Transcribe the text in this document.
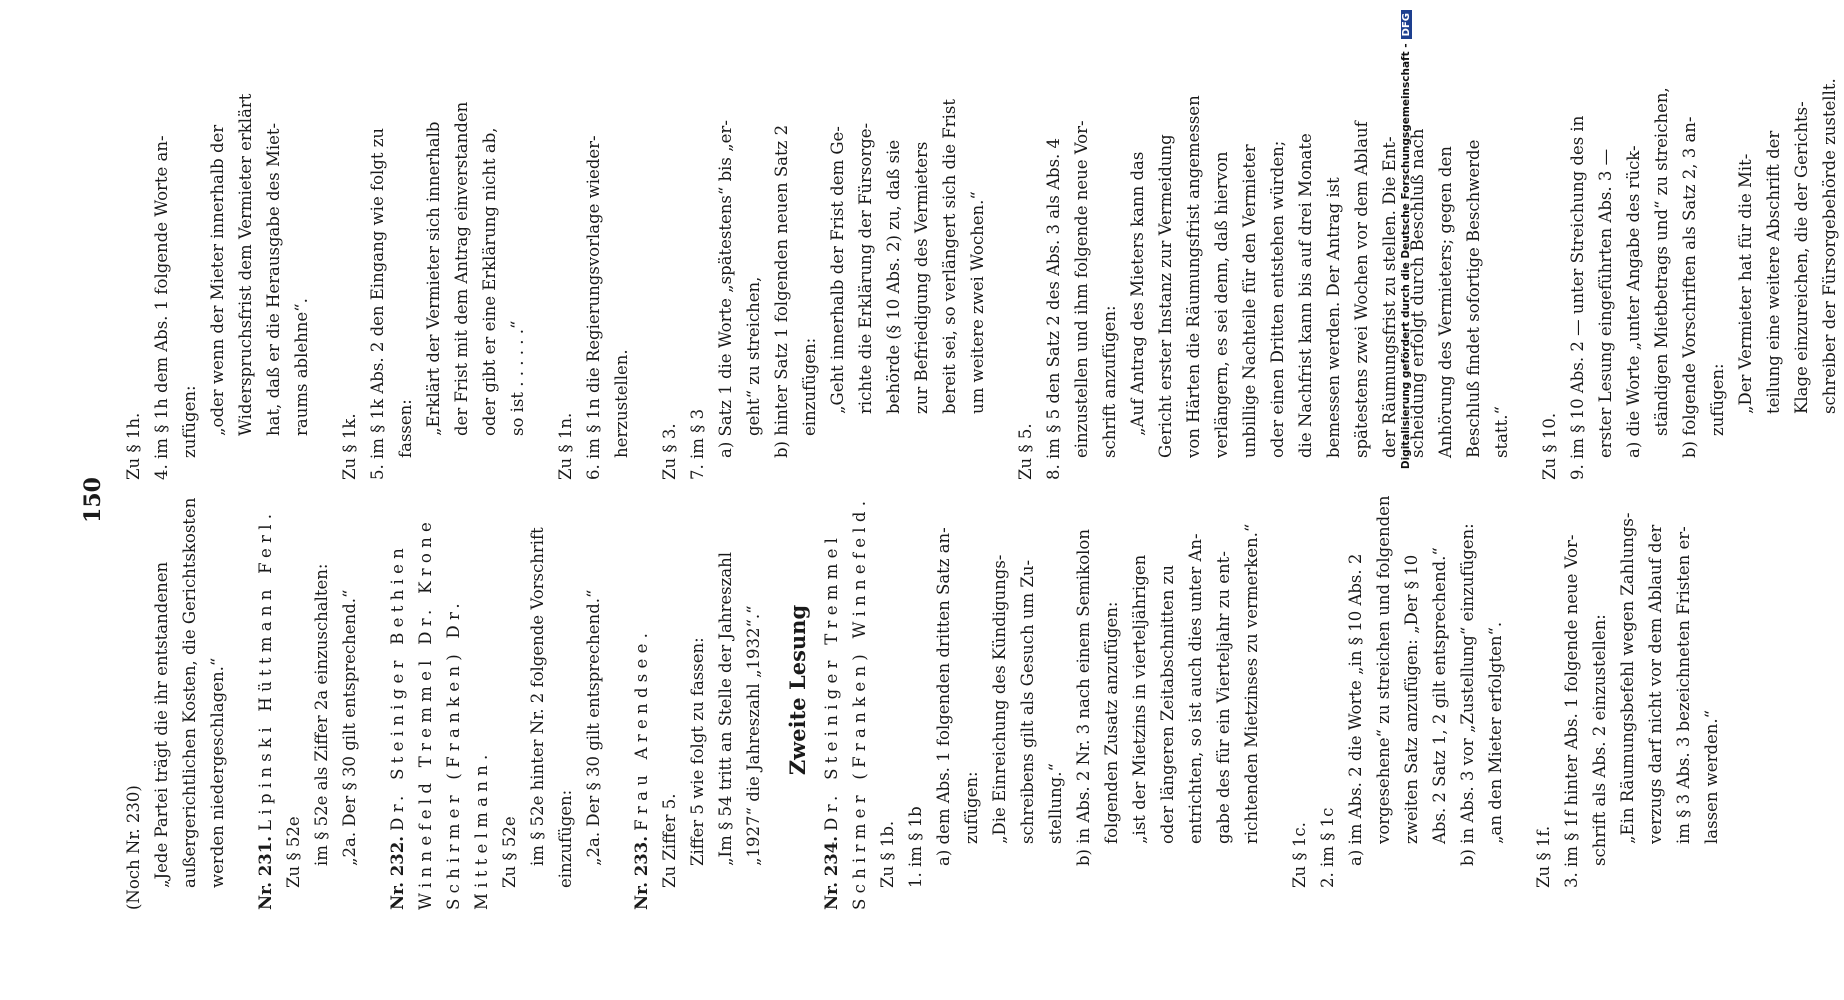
150

(Noch Nr. 230) „Jede Partei trägt die ihr entstandenen außergerichtlichen Kosten, die Gerichtskosten werden niedergeschlagen.“	Nr. 231. Lipinski Hüttmann Ferl.

Zu § 52e im § 52e als Ziffer 2a einzuschalten: „2a. Der § 30 gilt entsprechend.“

Nr. 232. Dr. Steiniger Bethien Winnefeld Tremmel Dr. Krone Schirmer (Franken) Dr. Mittelmann. Zu § 52e im § 52e hinter Nr. 2 folgende Vorschrift einzufügen: „2a. Der § 30 gilt entsprechend.“

Nr. 233. Frau Arendsee.

Zu Ziffer 5. Ziffer 5 wie folgt zu fassen: „Im § 54 tritt an Stelle der Jahreszahl „1927“ die Jahreszahl „1932“.“ Zweite Lesung

Nr. 234. Dr. Steiniger Tremmel Schirmer (Franken) Winnefeld. Zu § 1b. 1. im § 1b a) dem Abs. 1 folgenden dritten Satz an- zufügen: „Die Einreichung des Kündigungs- schreibens gilt als Gesuch um Zu- stellung.“ b) in Abs. 2 Nr. 3 nach einem Semikolon folgenden Zusatz anzufügen: „ist der Mietzins in vierteljährigen oder längeren Zeitabschnitten zu entrichten, so ist auch dies unter An- gabe des für ein Vierteljahr zu ent- richtenden Mietzinses zu vermerken.“

Zu § 1c. 2. im § 1c a) im Abs. 2 die Worte „in § 10 Abs. 2 vorgesehene“ zu streichen und folgenden zweiten Satz anzufügen: „Der § 10 Abs. 2 Satz 1, 2 gilt entsprechend.“ b) in Abs. 3 vor „Zustellung“ einzufügen: „an den Mieter erfolgten“.

Zu § 1f. 3. im § 1f hinter Abs. 1 folgende neue Vor- schrift als Abs. 2 einzustellen: „Ein Räumungsbefehl wegen Zahlungs- verzugs darf nicht vor dem Ablauf der im § 3 Abs. 3 bezeichneten Fristen er- lassen werden.“

Zu § 1h. 4. im § 1h dem Abs. 1 folgende Worte an- zufügen: „oder wenn der Mieter innerhalb der Widerspruchsfrist dem Vermieter erklärt hat, daß er die Herausgabe des Miet- raums ablehne“.

Zu § 1k. 5. im § 1k Abs. 2 den Eingang wie folgt zu fassen: „Erklärt der Vermieter sich innerhalb der Frist mit dem Antrag einverstanden oder gibt er eine Erklärung nicht ab, so ist . . . . . .“

Zu § 1n. 6. im § 1n die Regierungsvorlage wieder- herzustellen.	Zu § 3. 7. im § 3 a) Satz 1 die Worte „spätestens“ bis „er- geht“ zu streichen, b) hinter Satz 1 folgenden neuen Satz 2 einzufügen: „Geht innerhalb der Frist dem Ge- richte die Erklärung der Fürsorge- behörde (§ 10 Abs. 2) zu, daß sie zur Befriedigung des Vermieters bereit sei, so verlängert sich die Frist um weitere zwei Wochen.“

Zu § 5. 8. im § 5 den Satz 2 des Abs. 3 als Abs. 4 einzustellen und ihm folgende neue Vor- schrift anzufügen: „Auf Antrag des Mieters kann das Gericht erster Instanz zur Vermeidung von Härten die Räumungsfrist angemessen verlängern, es sei denn, daß hiervon unbillige Nachteile für den Vermieter oder einen Dritten entstehen würden; die Nachfrist kann bis auf drei Monate bemessen werden. Der Antrag ist spätestens zwei Wochen vor dem Ablauf der Räumungsfrist zu stellen. Die Ent- scheidung erfolgt durch Beschluß nach Anhörung des Vermieters; gegen den Beschluß findet sofortige Beschwerde statt.“	Zu § 10. 9. im § 10 Abs. 2 — unter Streichung des in erster Lesung eingeführten Abs. 3 — a) die Worte „unter Angabe des rück- ständigen Mietbetrags und“ zu streichen, b) folgende Vorschriften als Satz 2, 3 an- zufügen: „Der Vermieter hat für die Mit- teilung eine weitere Abschrift der Klage einzureichen, die der Gerichts- schreiber der Fürsorgebehörde zustellt.

Digitalisierung gefördert durch die Deutsche Forschungsgemeinschaft -DFG
